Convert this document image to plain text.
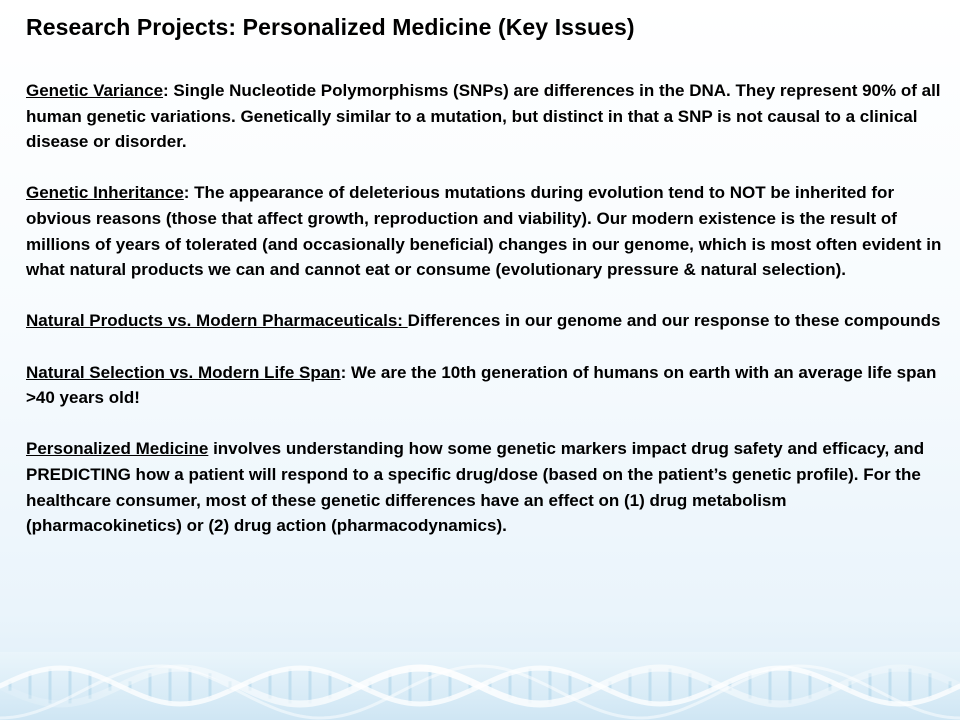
Research Projects: Personalized Medicine (Key Issues)

Genetic Variance: Single Nucleotide Polymorphisms (SNPs) are differences in the DNA. They represent 90% of all human genetic variations. Genetically similar to a mutation, but distinct in that a SNP is not causal to a clinical disease or disorder.

Genetic Inheritance: The appearance of deleterious mutations during evolution tend to NOT be inherited for obvious reasons (those that affect growth, reproduction and viability). Our modern existence is the result of millions of years of tolerated (and occasionally beneficial) changes in our genome, which is most often evident in what natural products we can and cannot eat or consume (evolutionary pressure & natural selection).

Natural Products vs. Modern Pharmaceuticals: Differences in our genome and our response to these compounds

Natural Selection vs. Modern Life Span: We are the 10th generation of humans on earth with an average life span >40 years old!

Personalized Medicine involves understanding how some genetic markers impact drug safety and efficacy, and PREDICTING how a patient will respond to a specific drug/dose (based on the patient’s genetic profile). For the healthcare consumer, most of these genetic differences have an effect on (1) drug metabolism (pharmacokinetics) or (2) drug action (pharmacodynamics).
